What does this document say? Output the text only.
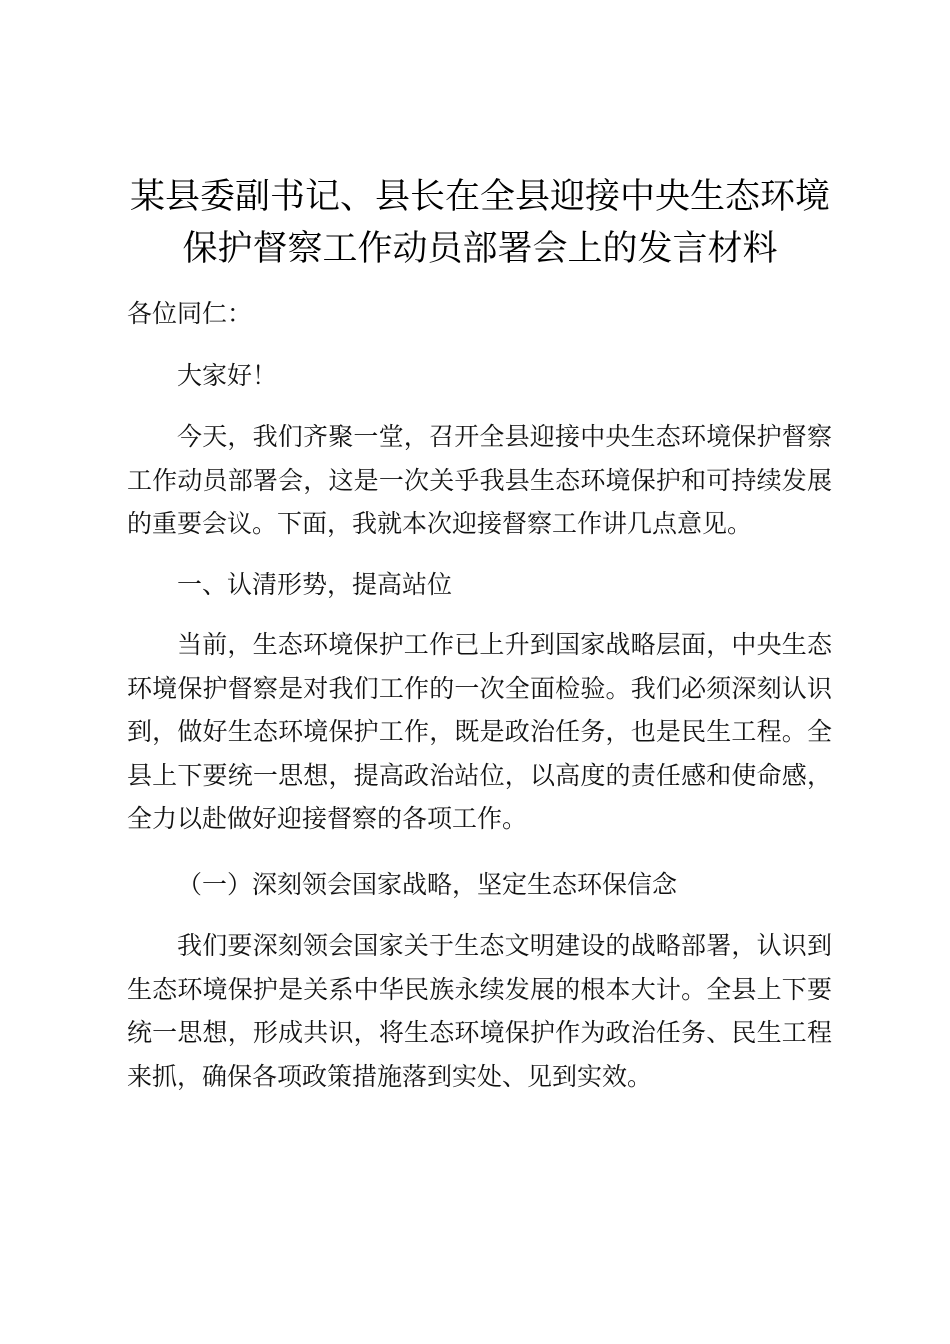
某县委副书记、县长在全县迎接中央生态环境
保护督察工作动员部署会上的发言材料

各位同仁：

大家好！

今天，我们齐聚一堂，召开全县迎接中央生态环境保护督察工作动员部署会，这是一次关乎我县生态环境保护和可持续发展的重要会议。下面，我就本次迎接督察工作讲几点意见。

一、认清形势，提高站位

当前，生态环境保护工作已上升到国家战略层面，中央生态环境保护督察是对我们工作的一次全面检验。我们必须深刻认识到，做好生态环境保护工作，既是政治任务，也是民生工程。全县上下要统一思想，提高政治站位，以高度的责任感和使命感，全力以赴做好迎接督察的各项工作。

（一）深刻领会国家战略，坚定生态环保信念

我们要深刻领会国家关于生态文明建设的战略部署，认识到生态环境保护是关系中华民族永续发展的根本大计。全县上下要统一思想，形成共识，将生态环境保护作为政治任务、民生工程来抓，确保各项政策措施落到实处、见到实效。
